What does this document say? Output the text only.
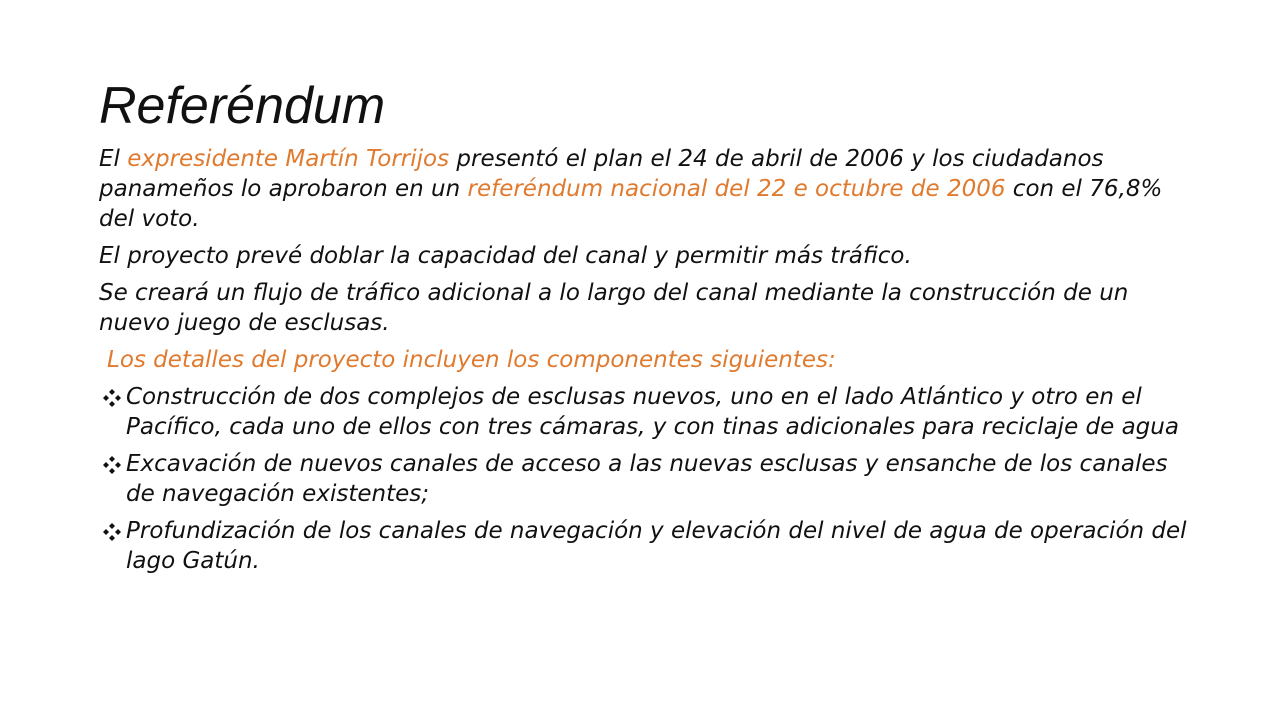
Referéndum

El expresidente Martín Torrijos presentó el plan el 24 de abril de 2006 y los ciudadanos panameños lo aprobaron en un referéndum nacional del 22 e octubre de 2006 con el 76,8% del voto.

El proyecto prevé doblar la capacidad del canal y permitir más tráfico.

Se creará un flujo de tráfico adicional a lo largo del canal mediante la construcción de un nuevo juego de esclusas.

Los detalles del proyecto incluyen los componentes siguientes:

Construcción de dos complejos de esclusas nuevos, uno en el lado Atlántico y otro en el Pacífico, cada uno de ellos con tres cámaras, y con tinas adicionales para reciclaje de agua
Excavación de nuevos canales de acceso a las nuevas esclusas y ensanche de los canales de navegación existentes;
Profundización de los canales de navegación y elevación del nivel de agua de operación del lago Gatún.
